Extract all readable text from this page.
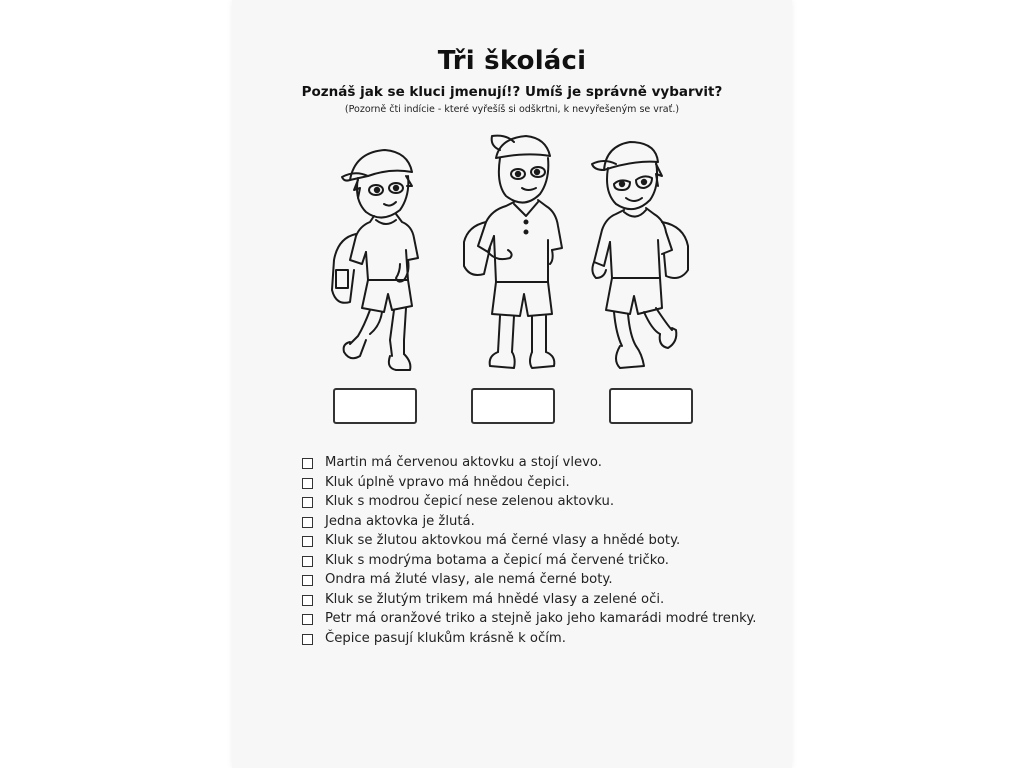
Tři školáci
Poznáš jak se kluci jmenují!? Umíš je správně vybarvit?
(Pozorně čti indície - které vyřešíš si odškrtni, k nevyřešeným se vrať.)
Martin má červenou aktovku a stojí vlevo.
Kluk úplně vpravo má hnědou čepici.
Kluk s modrou čepicí nese zelenou aktovku.
Jedna aktovka je žlutá.
Kluk se žlutou aktovkou má černé vlasy a hnědé boty.
Kluk s modrýma botama a čepicí má červené tričko.
Ondra má žluté vlasy, ale nemá černé boty.
Kluk se žlutým trikem má hnědé vlasy a zelené oči.
Petr má oranžové triko a stejně jako jeho kamarádi modré trenky.
Čepice pasují klukům krásně k očím.
